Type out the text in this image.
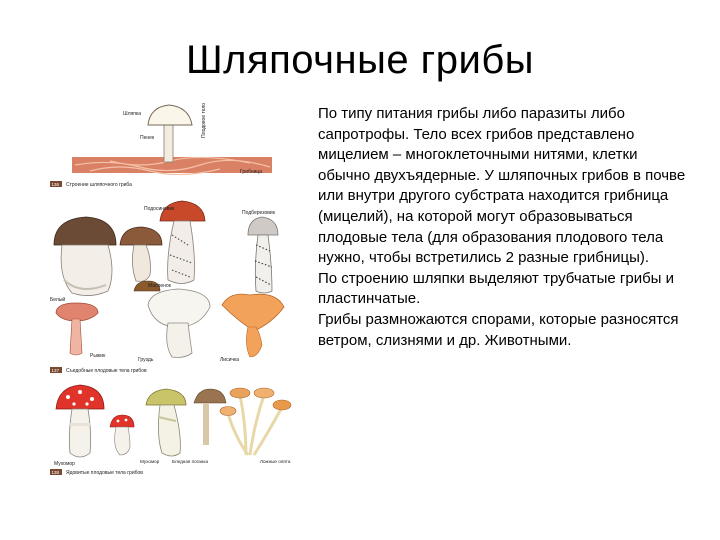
Шляпочные грибы
Шляпка
Пенек	Плодовое тело
Грибница
136 Строение шляпочного гриба
Подосиновик
Подберезовик
Белый
Масленок
Рыжик
Груздь	Лисичка
137 Съедобные плодовые тела грибов
Мухомор	Мухомор	Бледная поганка	Ложные опята
138 Ядовитые плодовые тела грибов
По типу питания грибы либо паразиты либо сапротрофы. Тело всех грибов представлено мицелием – многоклеточными нитями, клетки обычно двухъядерные. У шляпочных грибов в почве или внутри другого субстрата находится грибница (мицелий), на которой могут образовываться плодовые тела (для образования плодового тела нужно, чтобы встретились 2 разные грибницы).
По строению шляпки выделяют трубчатые грибы и пластинчатые.
Грибы размножаются спорами, которые разносятся ветром, слизнями и др. Животными.
